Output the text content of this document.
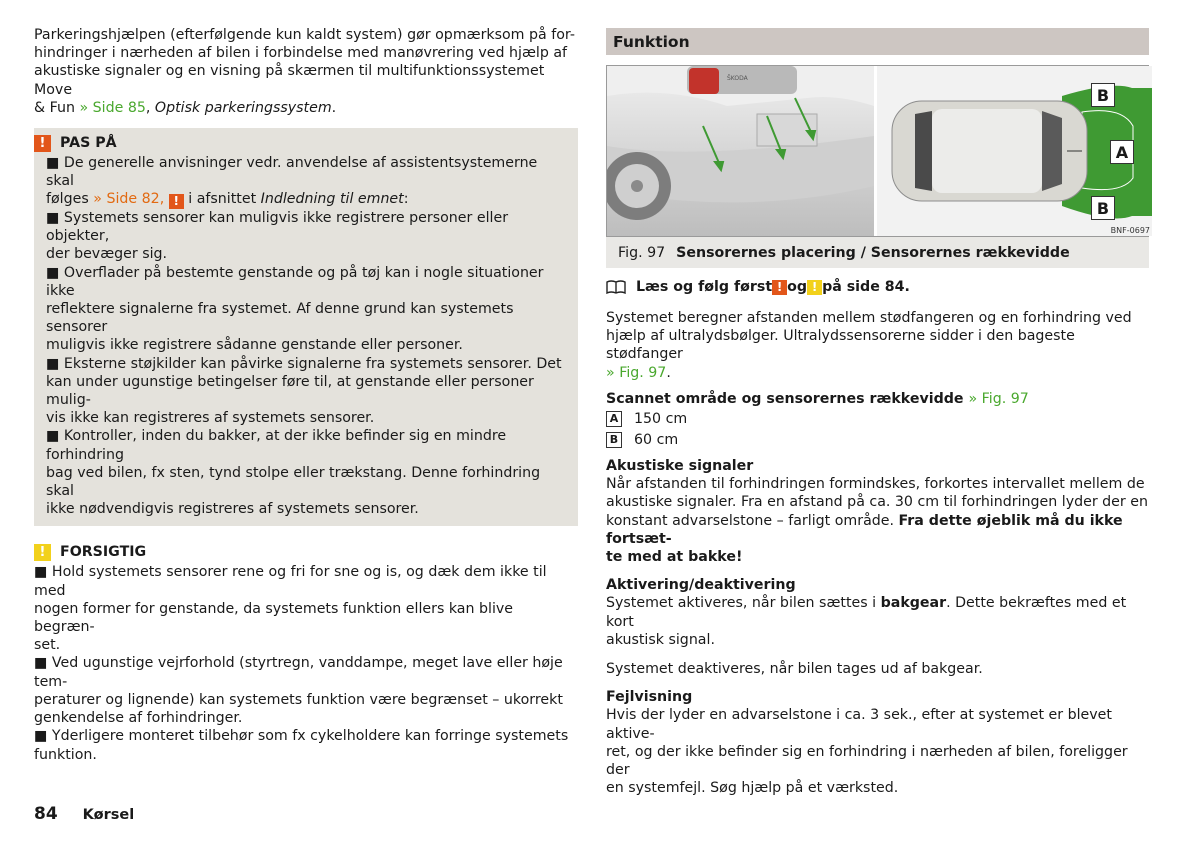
Parkeringshjælpen (efterfølgende kun kaldt system) gør opmærksom på for-

hindringer i nærheden af bilen i forbindelse med manøvrering ved hjælp af

akustiske signaler og en visning på skærmen til multifunktionssystemet Move

& Fun » Side 85, Optisk parkeringssystem.

!	PAS PÅ

■ De generelle anvisninger vedr. anvendelse af assistentsystemerne skal

følges » Side 82, ! i afsnittet Indledning til emnet:

■ Systemets sensorer kan muligvis ikke registrere personer eller objekter,

der bevæger sig.

■ Overflader på bestemte genstande og på tøj kan i nogle situationer ikke

reflektere signalerne fra systemet. Af denne grund kan systemets sensorer

muligvis ikke registrere sådanne genstande eller personer.

■ Eksterne støjkilder kan påvirke signalerne fra systemets sensorer. Det

kan under ugunstige betingelser føre til, at genstande eller personer mulig-

vis ikke kan registreres af systemets sensorer.

■ Kontroller, inden du bakker, at der ikke befinder sig en mindre forhindring

bag ved bilen, fx sten, tynd stolpe eller trækstang. Denne forhindring skal

ikke nødvendigvis registreres af systemets sensorer.

!	FORSIGTIG

■ Hold systemets sensorer rene og fri for sne og is, og dæk dem ikke til med

nogen former for genstande, da systemets funktion ellers kan blive begræn-

set.

■ Ved ugunstige vejrforhold (styrtregn, vanddampe, meget lave eller høje tem-

peraturer og lignende) kan systemets funktion være begrænset – ukorrekt

genkendelse af forhindringer.

■ Yderligere monteret tilbehør som fx cykelholdere kan forringe systemets

funktion.

Funktion
ŠKODA
B
A
B
BNF-0697
Fig. 97 Sensorernes placering / Sensorernes rækkevidde
Læs og følg først ! og ! på side 84.

Systemet beregner afstanden mellem stødfangeren og en forhindring ved

hjælp af ultralydsbølger. Ultralydssensorerne sidder i den bageste stødfanger

» Fig. 97.

Scannet område og sensorernes rækkevidde » Fig. 97
A 150 cm
B 60 cm
Akustiske signaler

Når afstanden til forhindringen formindskes, forkortes intervallet mellem de

akustiske signaler. Fra en afstand på ca. 30 cm til forhindringen lyder der en

konstant advarselstone – farligt område. Fra dette øjeblik må du ikke fortsæt-

te med at bakke!

Aktivering/deaktivering

Systemet aktiveres, når bilen sættes i bakgear. Dette bekræftes med et kort

akustisk signal.

Systemet deaktiveres, når bilen tages ud af bakgear.

Fejlvisning

Hvis der lyder en advarselstone i ca. 3 sek., efter at systemet er blevet aktive-

ret, og der ikke befinder sig en forhindring i nærheden af bilen, foreligger der

en systemfejl. Søg hjælp på et værksted.

84 Kørsel
